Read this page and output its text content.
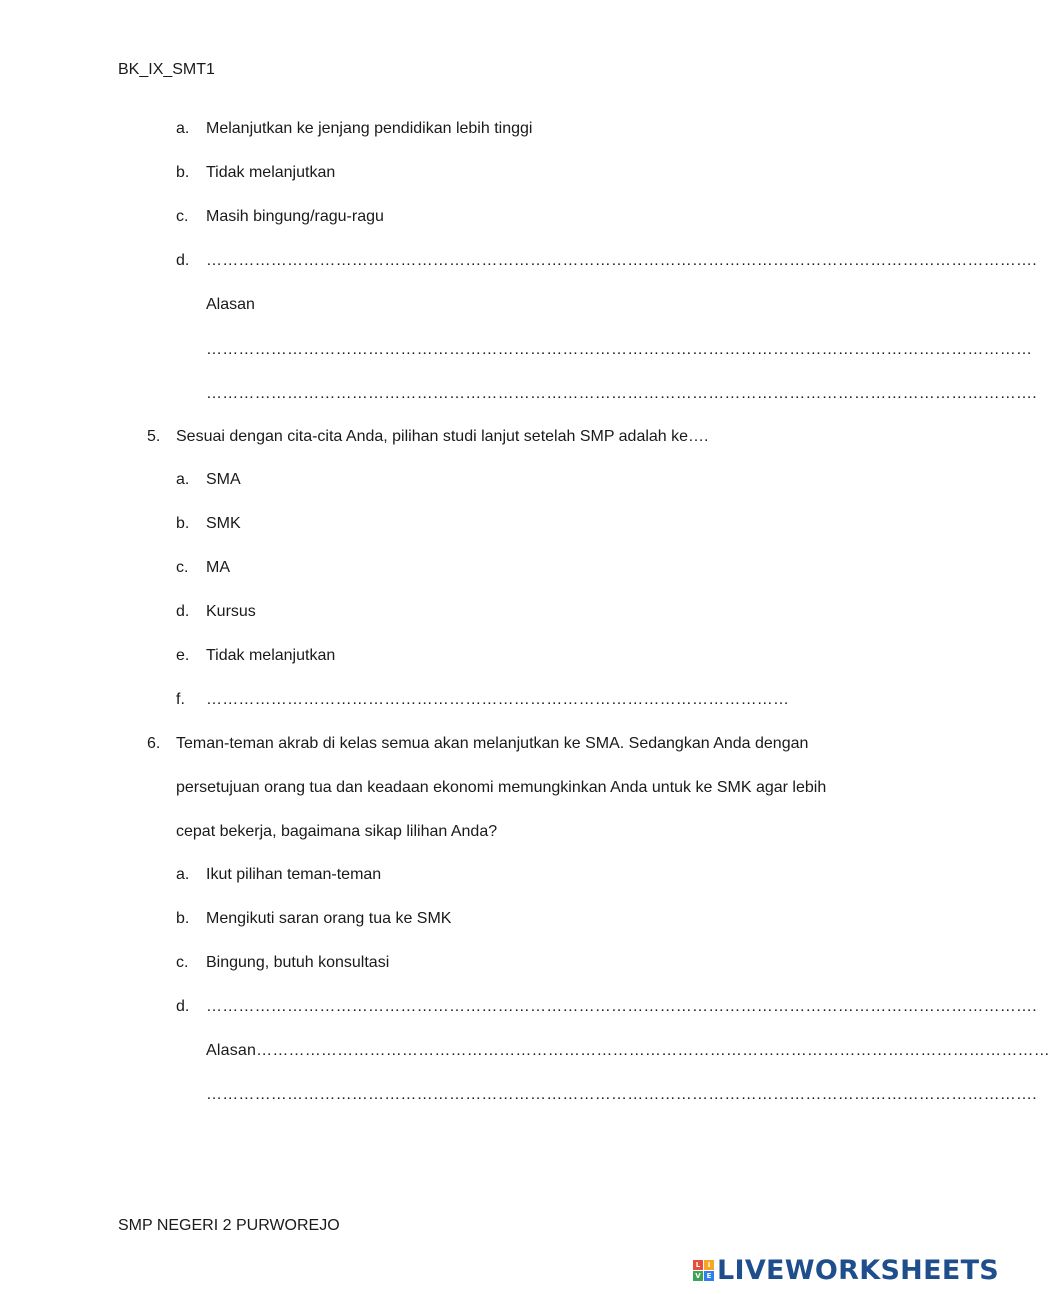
BK_IX_SMT1
a. Melanjutkan ke jenjang pendidikan lebih tinggi
b. Tidak melanjutkan
c. Masih bingung/ragu-ragu
d. ……………………………………………………………………………………………………………………………………….
Alasan
………………………………………………………………………………………………………………………………………
……………………………………………………………………………………………………………………………………….
5. Sesuai dengan cita-cita Anda, pilihan studi lanjut setelah SMP adalah ke….
a. SMA
b. SMK
c. MA
d. Kursus
e. Tidak melanjutkan
f. ………………………………………………………………………………………………
6. Teman-teman akrab di kelas semua akan melanjutkan ke SMA. Sedangkan Anda dengan
persetujuan orang tua dan keadaan ekonomi memungkinkan Anda untuk ke SMK agar lebih
cepat bekerja, bagaimana sikap lilihan Anda?
a. Ikut pilihan teman-teman
b. Mengikuti saran orang tua ke SMK
c. Bingung, butuh konsultasi
d. ……………………………………………………………………………………………………………………………………….
Alasan…………………………………………………………………………………………………………………………………
……………………………………………………………………………………………………………………………………….
SMP NEGERI 2 PURWOREJO
L	I
V E LIVEWORKSHEETS
